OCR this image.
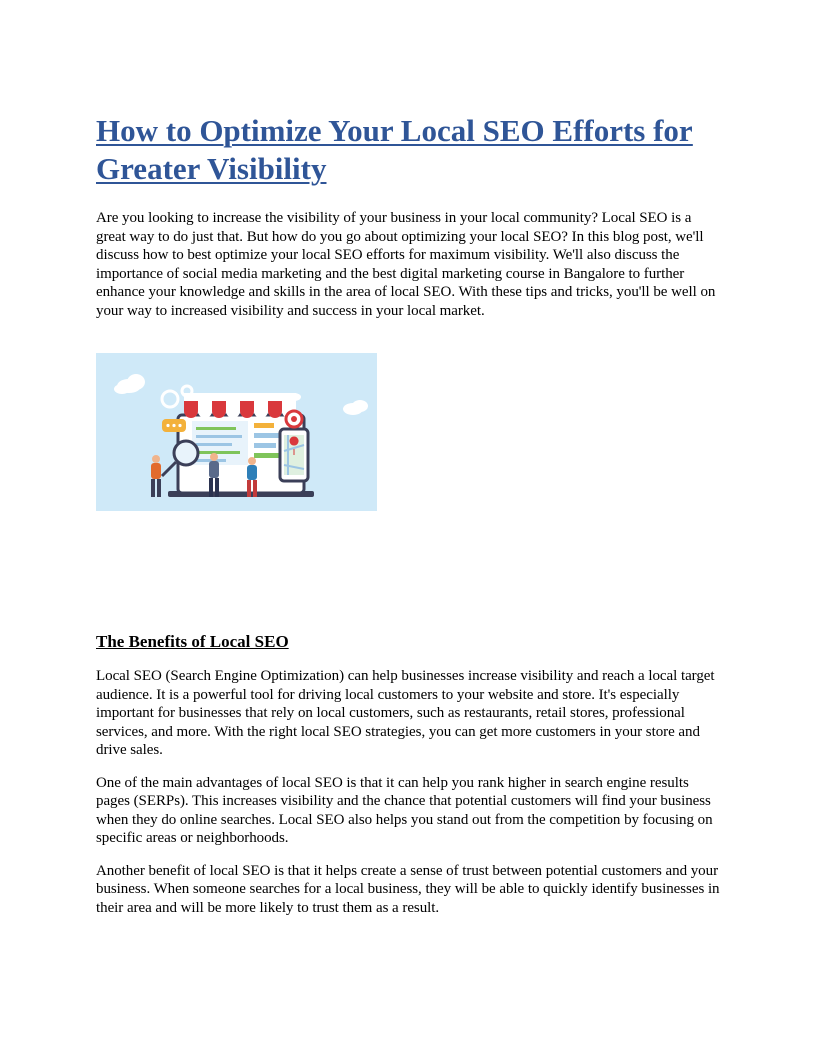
How to Optimize Your Local SEO Efforts for Greater Visibility

Are you looking to increase the visibility of your business in your local community? Local SEO is a great way to do just that. But how do you go about optimizing your local SEO? In this blog post, we'll discuss how to best optimize your local SEO efforts for maximum visibility. We'll also discuss the importance of social media marketing and the best digital marketing course in Bangalore to further enhance your knowledge and skills in the area of local SEO. With these tips and tricks, you'll be well on your way to increased visibility and success in your local market.

The Benefits of Local SEO

Local SEO (Search Engine Optimization) can help businesses increase visibility and reach a local target audience. It is a powerful tool for driving local customers to your website and store. It's especially important for businesses that rely on local customers, such as restaurants, retail stores, professional services, and more. With the right local SEO strategies, you can get more customers in your store and drive sales.

One of the main advantages of local SEO is that it can help you rank higher in search engine results pages (SERPs). This increases visibility and the chance that potential customers will find your business when they do online searches. Local SEO also helps you stand out from the competition by focusing on specific areas or neighborhoods.

Another benefit of local SEO is that it helps create a sense of trust between potential customers and your business. When someone searches for a local business, they will be able to quickly identify businesses in their area and will be more likely to trust them as a result.
